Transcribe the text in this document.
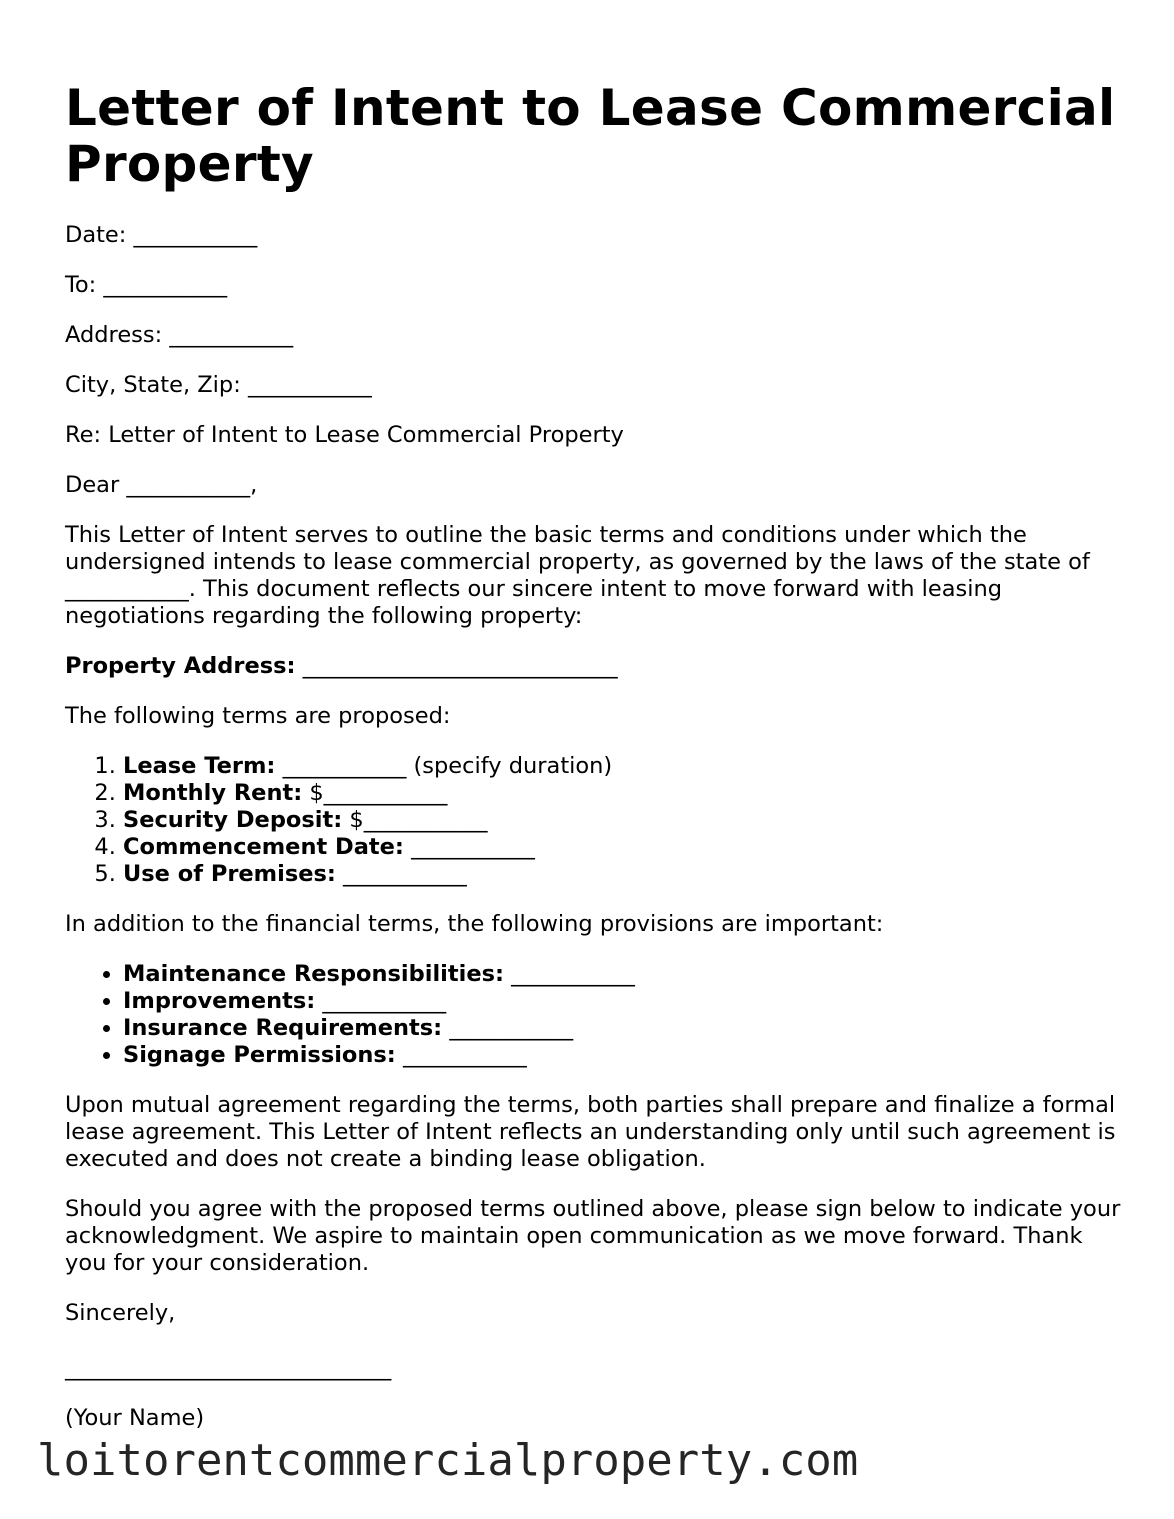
Letter of Intent to Lease Commercial Property

Date: ___________

To: ___________

Address: ___________

City, State, Zip: ___________

Re: Letter of Intent to Lease Commercial Property

Dear ___________,

This Letter of Intent serves to outline the basic terms and conditions under which the undersigned intends to lease commercial property, as governed by the laws of the state of ___________. This document reflects our sincere intent to move forward with leasing negotiations regarding the following property:

Property Address: ____________________________

The following terms are proposed:

1. Lease Term: ___________ (specify duration)
2. Monthly Rent: $___________
3. Security Deposit: $___________
4. Commencement Date: ___________
5. Use of Premises: ___________

In addition to the financial terms, the following provisions are important:

• Maintenance Responsibilities: ___________
• Improvements: ___________
• Insurance Requirements: ___________
• Signage Permissions: ___________

Upon mutual agreement regarding the terms, both parties shall prepare and finalize a formal lease agreement. This Letter of Intent reflects an understanding only until such agreement is executed and does not create a binding lease obligation.

Should you agree with the proposed terms outlined above, please sign below to indicate your acknowledgment. We aspire to maintain open communication as we move forward. Thank you for your consideration.

Sincerely,

_____________________________

(Your Name)

loitorentcommercialproperty.com
